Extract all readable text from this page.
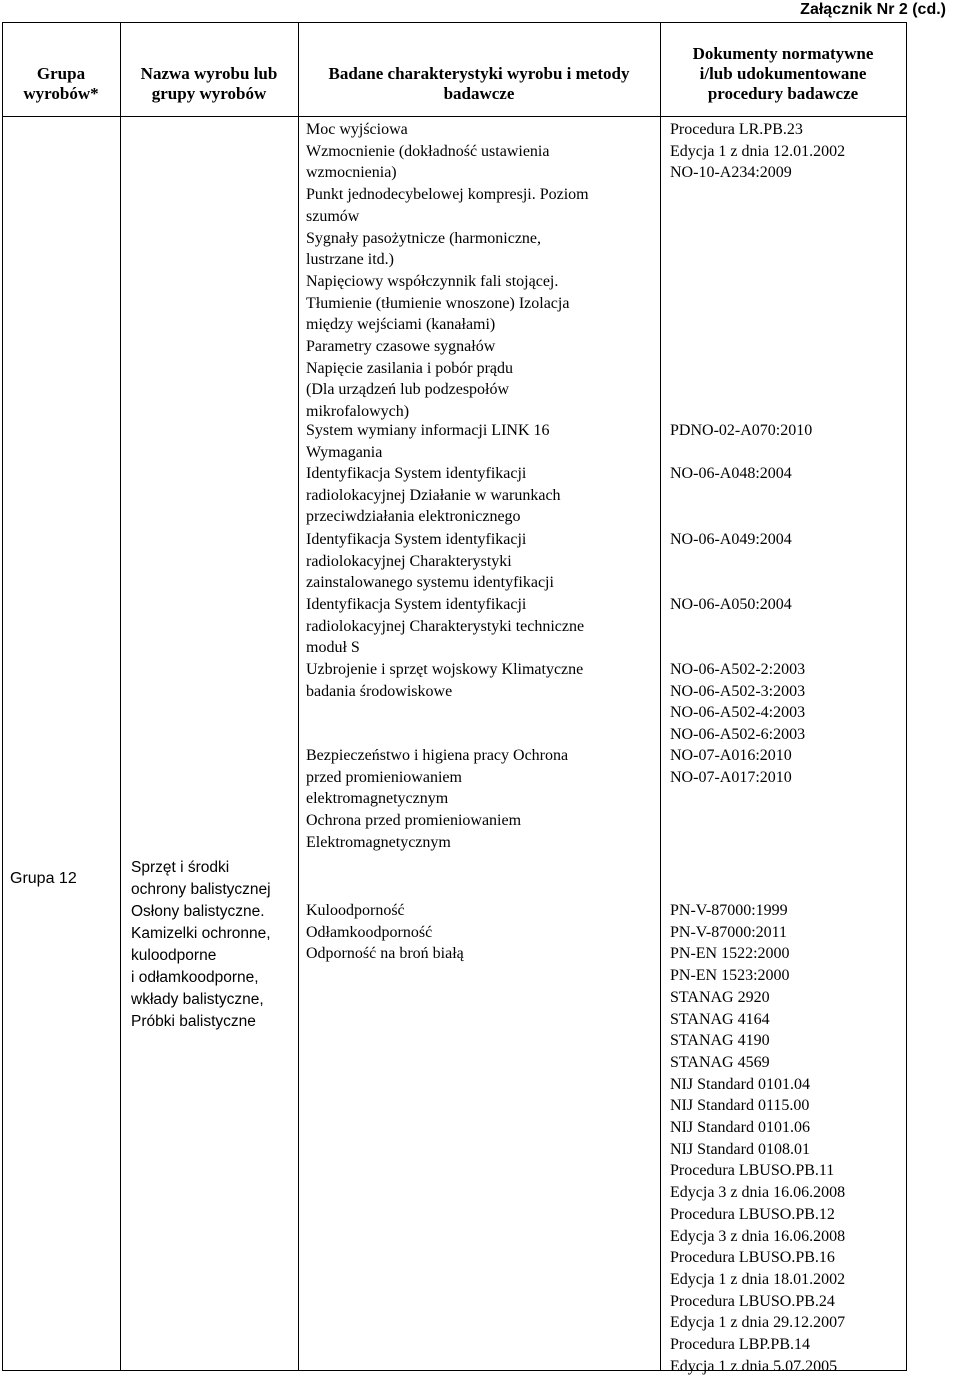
Załącznik Nr 2 (cd.)
Grupa
wyrobów*
Nazwa wyrobu lub
grupy wyrobów
Badane charakterystyki wyrobu i metody
badawcze
Dokumenty normatywne
i/lub udokumentowane
procedury badawcze
Grupa 12
Sprzęt i środki
ochrony balistycznej
Osłony balistyczne.
Kamizelki ochronne,
kuloodporne
i odłamkoodporne,
wkłady balistyczne,
Próbki balistyczne
Moc wyjściowa
Wzmocnienie (dokładność ustawienia
wzmocnienia)
Punkt jednodecybelowej kompresji. Poziom
szumów
Sygnały pasożytnicze (harmoniczne,
lustrzane itd.)
Napięciowy współczynnik fali stojącej.
Tłumienie (tłumienie wnoszone) Izolacja
między wejściami (kanałami)
Parametry czasowe sygnałów
Napięcie zasilania i pobór prądu
(Dla urządzeń lub podzespołów
mikrofalowych)
System wymiany informacji LINK 16
Wymagania
Identyfikacja System identyfikacji
radiolokacyjnej Działanie w warunkach
przeciwdziałania elektronicznego
Identyfikacja System identyfikacji
radiolokacyjnej Charakterystyki
zainstalowanego systemu identyfikacji
Identyfikacja System identyfikacji
radiolokacyjnej Charakterystyki techniczne
moduł S
Uzbrojenie i sprzęt wojskowy Klimatyczne
badania środowiskowe
Bezpieczeństwo i higiena pracy Ochrona
przed promieniowaniem
elektromagnetycznym
Ochrona przed promieniowaniem
Elektromagnetycznym
Kuloodporność
Odłamkoodporność
Odporność na broń białą
Procedura LR.PB.23
Edycja 1 z dnia 12.01.2002
NO-10-A234:2009
PDNO-02-A070:2010
NO-06-A048:2004
NO-06-A049:2004
NO-06-A050:2004
NO-06-A502-2:2003
NO-06-A502-3:2003
NO-06-A502-4:2003
NO-06-A502-6:2003
NO-07-A016:2010
NO-07-A017:2010
PN-V-87000:1999
PN-V-87000:2011
PN-EN 1522:2000
PN-EN 1523:2000
STANAG 2920
STANAG 4164
STANAG 4190
STANAG 4569
NIJ Standard 0101.04
NIJ Standard 0115.00
NIJ Standard 0101.06
NIJ Standard 0108.01
Procedura LBUSO.PB.11
Edycja 3 z dnia 16.06.2008
Procedura LBUSO.PB.12
Edycja 3 z dnia 16.06.2008
Procedura LBUSO.PB.16
Edycja 1 z dnia 18.01.2002
Procedura LBUSO.PB.24
Edycja 1 z dnia 29.12.2007
Procedura LBP.PB.14
Edycja 1 z dnia 5.07.2005
